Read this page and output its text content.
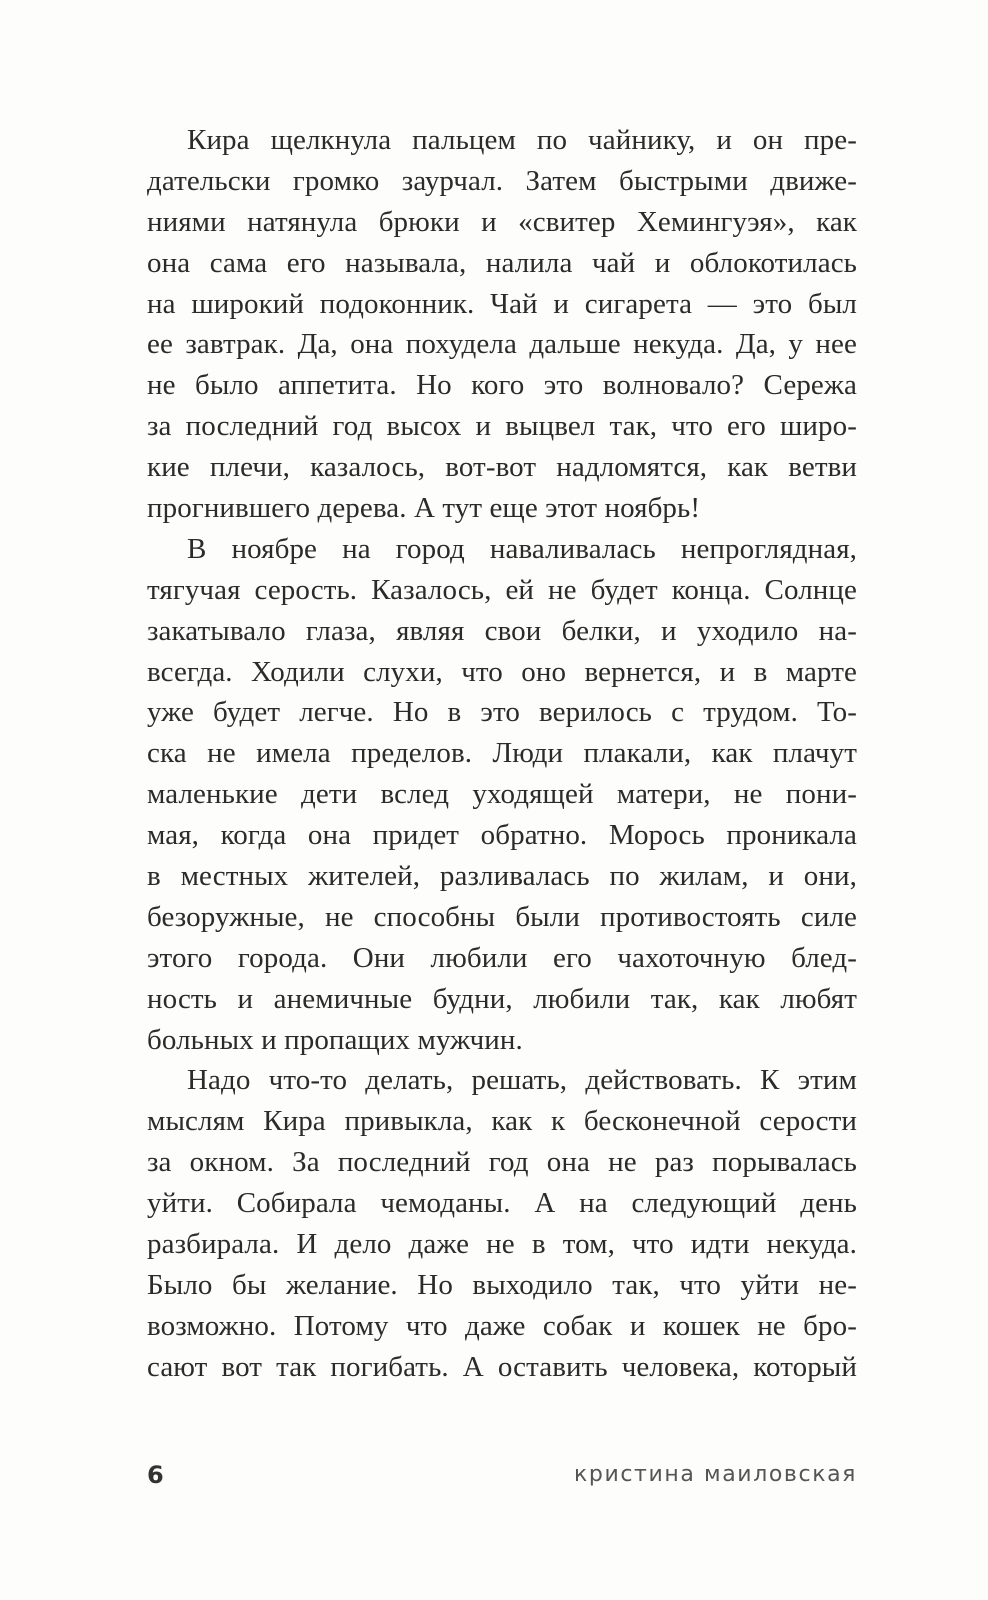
Кира щелкнула пальцем по чайнику, и он пре-
дательски громко заурчал. Затем быстрыми движе-
ниями натянула брюки и «свитер Хемингуэя», как
она сама его называла, налила чай и облокотилась
на широкий подоконник. Чай и сигарета — это был
ее завтрак. Да, она похудела дальше некуда. Да, у нее
не было аппетита. Но кого это волновало? Сережа
за последний год высох и выцвел так, что его широ-
кие плечи, казалось, вот-вот надломятся, как ветви
прогнившего дерева. А тут еще этот ноябрь!
В ноябре на город наваливалась непроглядная,
тягучая серость. Казалось, ей не будет конца. Солнце
закатывало глаза, являя свои белки, и уходило на-
всегда. Ходили слухи, что оно вернется, и в марте
уже будет легче. Но в это верилось с трудом. То-
ска не имела пределов. Люди плакали, как плачут
маленькие дети вслед уходящей матери, не пони-
мая, когда она придет обратно. Морось проникала
в местных жителей, разливалась по жилам, и они,
безоружные, не способны были противостоять силе
этого города. Они любили его чахоточную блед-
ность и анемичные будни, любили так, как любят
больных и пропащих мужчин.
Надо что-то делать, решать, действовать. К этим
мыслям Кира привыкла, как к бесконечной серости
за окном. За последний год она не раз порывалась
уйти. Собирала чемоданы. А на следующий день
разбирала. И дело даже не в том, что идти некуда.
Было бы желание. Но выходило так, что уйти не-
возможно. Потому что даже собак и кошек не бро-
сают вот так погибать. А оставить человека, который
6	кристина маиловская
